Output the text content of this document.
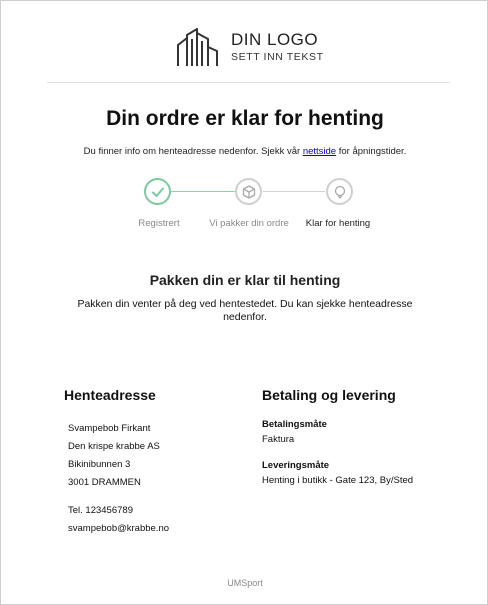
DIN LOGO
SETT INN TEKST
Din ordre er klar for henting
Du finner info om henteadresse nedenfor. Sjekk vår nettside for åpningstider.
Registrert	Vi pakker din ordre	Klar for henting
Pakken din er klar til henting
Pakken din venter på deg ved hentestedet. Du kan sjekke henteadresse nedenfor.
Henteadresse
Svampebob Firkant
Den krispe krabbe AS
Bikinibunnen 3
3001 DRAMMEN
Tel. 123456789
svampebob@krabbe.no
Betaling og levering
Betalingsmåte
Faktura
Leveringsmåte
Henting i butikk - Gate 123, By/Sted
UMSport
